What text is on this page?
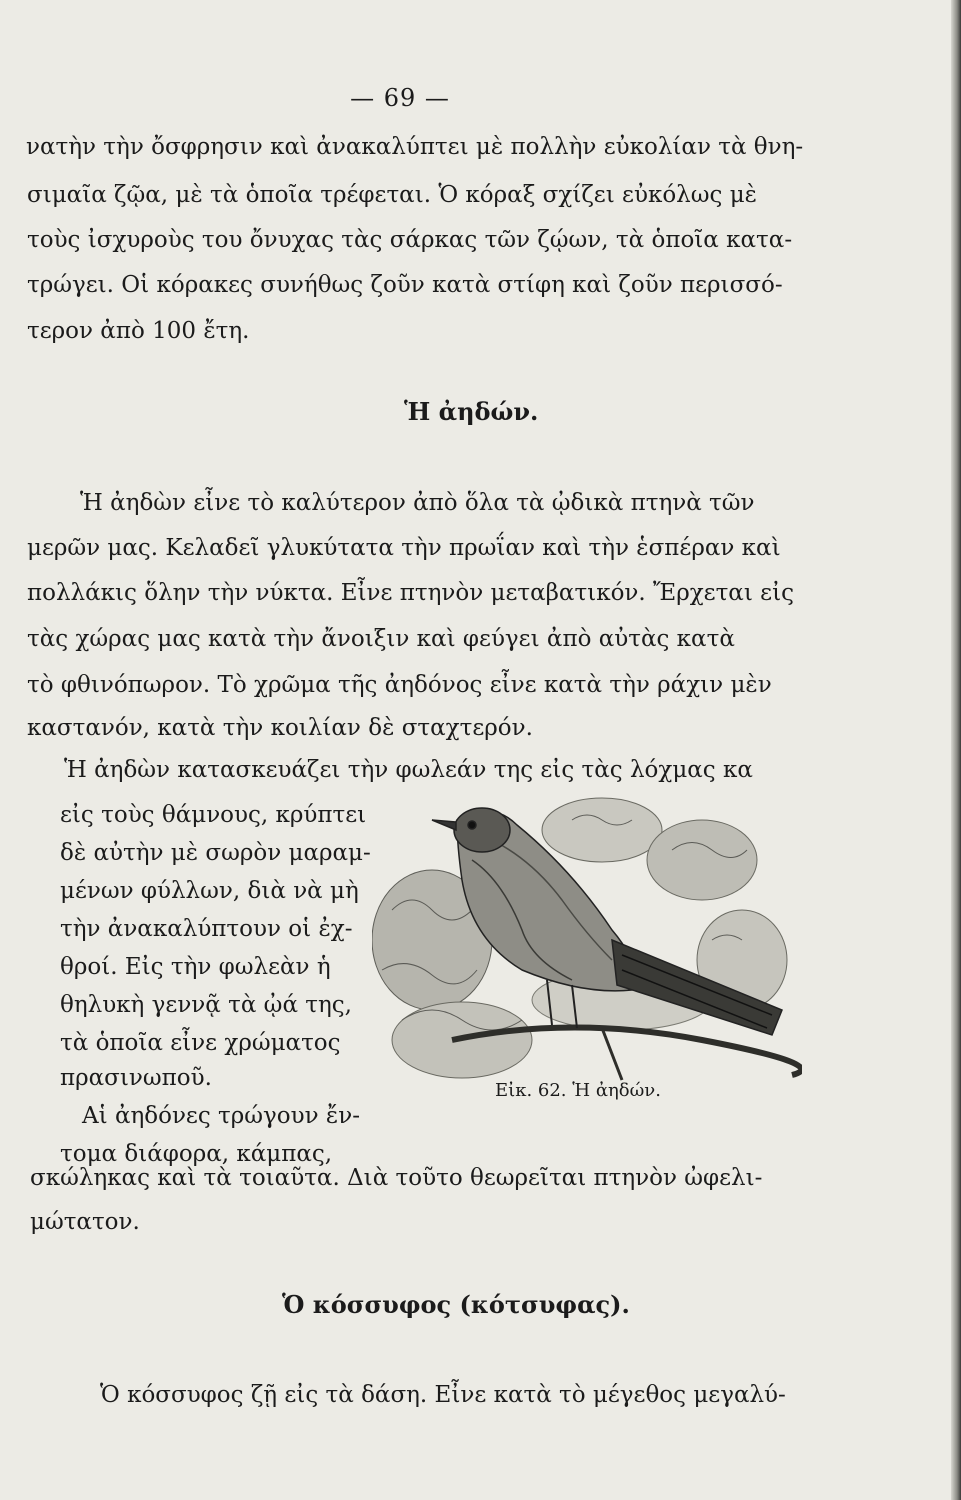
— 69 —
νατὴν τὴν ὄσφρησιν καὶ ἀνακαλύπτει μὲ πολλὴν εὐκολίαν τὰ θνη-
σιμαῖα ζῷα, μὲ τὰ ὁποῖα τρέφεται. Ὁ κόραξ σχίζει εὐκόλως μὲ
τοὺς ἰσχυροὺς του ὄνυχας τὰς σάρκας τῶν ζῴων, τὰ ὁποῖα κατα-
τρώγει. Οἱ κόρακες συνήθως ζοῦν κατὰ στίφη καὶ ζοῦν περισσό-
τερον ἀπὸ 100 ἔτη.
Ἡ ἀηδών.
Ἡ ἀηδὼν εἶνε τὸ καλύτερον ἀπὸ ὅλα τὰ ᾠδικὰ πτηνὰ τῶν
μερῶν μας. Κελαδεῖ γλυκύτατα τὴν πρωΐαν καὶ τὴν ἑσπέραν καὶ
πολλάκις ὅλην τὴν νύκτα. Εἶνε πτηνὸν μεταβατικόν. Ἔρχεται εἰς
τὰς χώρας μας κατὰ τὴν ἄνοιξιν καὶ φεύγει ἀπὸ αὐτὰς κατὰ
τὸ φθινόπωρον. Τὸ χρῶμα τῆς ἀηδόνος εἶνε κατὰ τὴν ράχιν μὲν
καστανόν, κατὰ τὴν κοιλίαν δὲ σταχτερόν.
Ἡ ἀηδὼν κατασκευάζει τὴν φωλεάν της εἰς τὰς λόχμας κα
εἰς τοὺς θάμνους, κρύπτει
δὲ αὐτὴν μὲ σωρὸν μαραμ-
μένων φύλλων, διὰ νὰ μὴ
τὴν ἀνακαλύπτουν οἱ ἐχ-
θροί. Εἰς τὴν φωλεὰν ἡ
θηλυκὴ γεννᾷ τὰ ᾠά της,
τὰ ὁποῖα εἶνε χρώματος
πρασινωποῦ.
Αἱ ἀηδόνες τρώγουν ἔν-
τομα διάφορα, κάμπας,
σκώληκας καὶ τὰ τοιαῦτα. Διὰ τοῦτο θεωρεῖται πτηνὸν ὠφελι-
μώτατον.
Εἰκ. 62. Ἡ ἀηδών.
Ὁ κόσσυφος (κότσυφας).
Ὁ κόσσυφος ζῇ εἰς τὰ δάση. Εἶνε κατὰ τὸ μέγεθος μεγαλύ-
